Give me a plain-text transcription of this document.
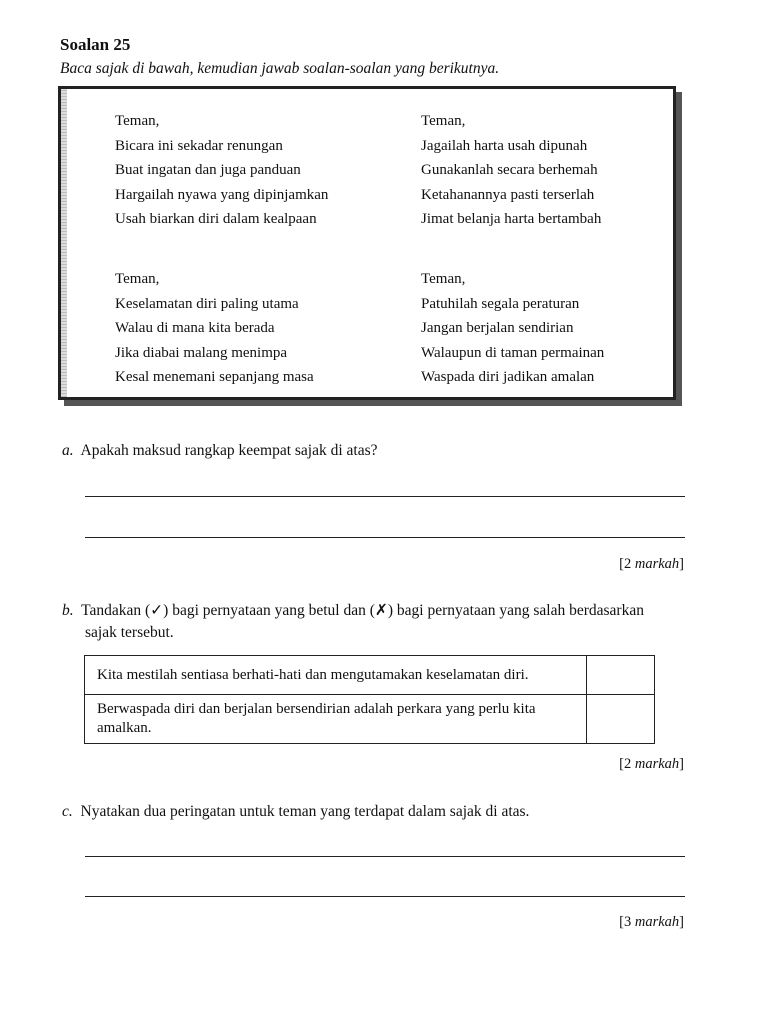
Soalan 25
Baca sajak di bawah, kemudian jawab soalan-soalan yang berikutnya.
Teman,
Bicara ini sekadar renungan
Buat ingatan dan juga panduan
Hargailah nyawa yang dipinjamkan
Usah biarkan diri dalam kealpaan
Teman,
Jagailah harta usah dipunah
Gunakanlah secara berhemah
Ketahanannya pasti terserlah
Jimat belanja harta bertambah
Teman,
Keselamatan diri paling utama
Walau di mana kita berada
Jika diabai malang menimpa
Kesal menemani sepanjang masa
Teman,
Patuhilah segala peraturan
Jangan berjalan sendirian
Walaupun di taman permainan
Waspada diri jadikan amalan
a. Apakah maksud rangkap keempat sajak di atas?
[2 markah]
b. Tandakan (✓) bagi pernyataan yang betul dan (✗) bagi pernyataan yang salah berdasarkan
sajak tersebut.
Kita mestilah sentiasa berhati-hati dan mengutamakan keselamatan diri.	
Berwaspada diri dan berjalan bersendirian adalah perkara yang perlu kita amalkan.	
[2 markah]
c. Nyatakan dua peringatan untuk teman yang terdapat dalam sajak di atas.
[3 markah]
